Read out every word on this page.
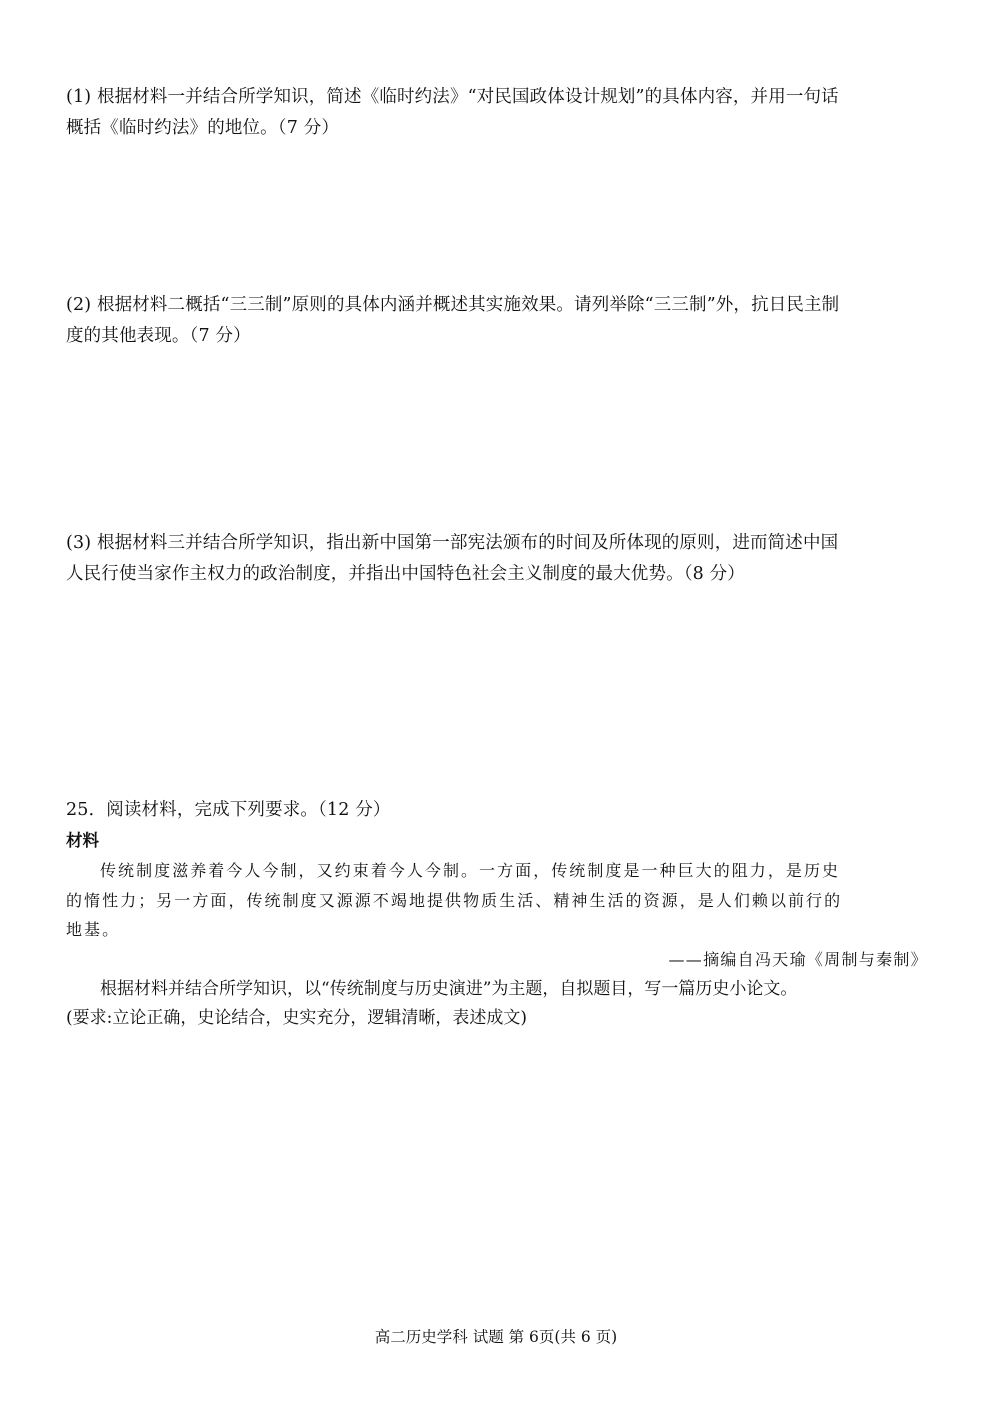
(1) 根据材料一并结合所学知识，简述《临时约法》“对民国政体设计规划”的具体内容，并用一句话

概括《临时约法》的地位。（7 分）

(2) 根据材料二概括“三三制”原则的具体内涵并概述其实施效果。请列举除“三三制”外，抗日民主制

度的其他表现。（7 分）

(3) 根据材料三并结合所学知识，指出新中国第一部宪法颁布的时间及所体现的原则，进而简述中国

人民行使当家作主权力的政治制度，并指出中国特色社会主义制度的最大优势。（8 分）

25．阅读材料，完成下列要求。（12 分）

材料

传统制度滋养着今人今制，又约束着今人今制。一方面，传统制度是一种巨大的阻力，是历史

的惰性力；另一方面，传统制度又源源不竭地提供物质生活、精神生活的资源，是人们赖以前行的

地基。

——摘编自冯天瑜《周制与秦制》

根据材料并结合所学知识，以“传统制度与历史演进”为主题，自拟题目，写一篇历史小论文。

(要求:立论正确，史论结合，史实充分，逻辑清晰，表述成文)

高二历史学科 试题 第 6页(共 6 页)
